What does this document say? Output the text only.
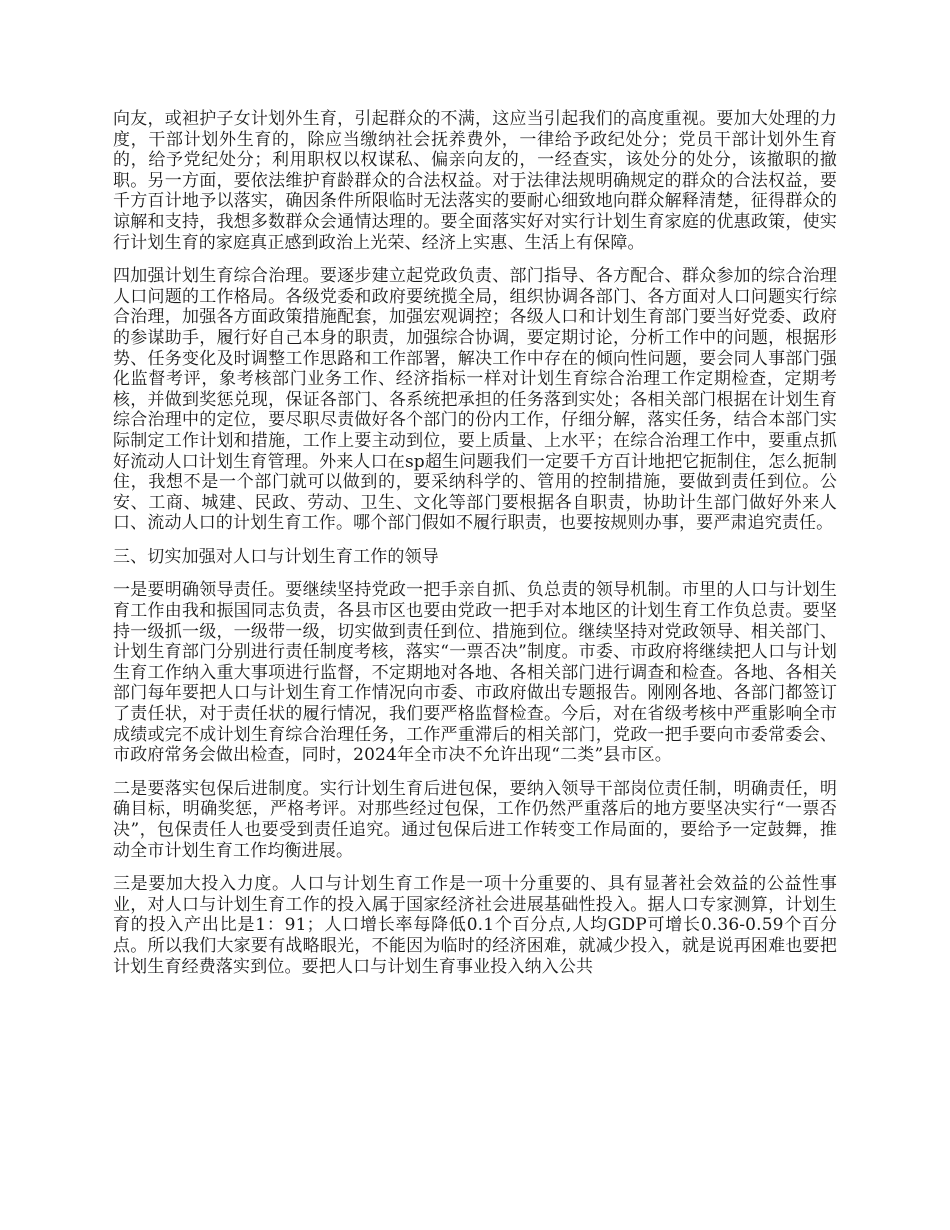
向友，或袒护子女计划外生育，引起群众的不满，这应当引起我们的高度重视。要加大处理的力度，干部计划外生育的，除应当缴纳社会抚养费外，一律给予政纪处分；党员干部计划外生育的，给予党纪处分；利用职权以权谋私、偏亲向友的，一经查实，该处分的处分，该撤职的撤职。另一方面，要依法维护育龄群众的合法权益。对于法律法规明确规定的群众的合法权益，要千方百计地予以落实，确因条件所限临时无法落实的要耐心细致地向群众解释清楚，征得群众的谅解和支持，我想多数群众会通情达理的。要全面落实好对实行计划生育家庭的优惠政策，使实行计划生育的家庭真正感到政治上光荣、经济上实惠、生活上有保障。

四加强计划生育综合治理。要逐步建立起党政负责、部门指导、各方配合、群众参加的综合治理人口问题的工作格局。各级党委和政府要统揽全局，组织协调各部门、各方面对人口问题实行综合治理，加强各方面政策措施配套，加强宏观调控；各级人口和计划生育部门要当好党委、政府的参谋助手，履行好自己本身的职责，加强综合协调，要定期讨论，分析工作中的问题，根据形势、任务变化及时调整工作思路和工作部署，解决工作中存在的倾向性问题，要会同人事部门强化监督考评，象考核部门业务工作、经济指标一样对计划生育综合治理工作定期检查，定期考核，并做到奖惩兑现，保证各部门、各系统把承担的任务落到实处；各相关部门根据在计划生育综合治理中的定位，要尽职尽责做好各个部门的份内工作，仔细分解，落实任务，结合本部门实际制定工作计划和措施，工作上要主动到位，要上质量、上水平；在综合治理工作中，要重点抓好流动人口计划生育管理。外来人口在sp超生问题我们一定要千方百计地把它扼制住，怎么扼制住，我想不是一个部门就可以做到的，要采纳科学的、管用的控制措施，要做到责任到位。公安、工商、城建、民政、劳动、卫生、文化等部门要根据各自职责，协助计生部门做好外来人口、流动人口的计划生育工作。哪个部门假如不履行职责，也要按规则办事，要严肃追究责任。

三、切实加强对人口与计划生育工作的领导

一是要明确领导责任。要继续坚持党政一把手亲自抓、负总责的领导机制。市里的人口与计划生育工作由我和振国同志负责，各县市区也要由党政一把手对本地区的计划生育工作负总责。要坚持一级抓一级，一级带一级，切实做到责任到位、措施到位。继续坚持对党政领导、相关部门、计划生育部门分别进行责任制度考核，落实“一票否决”制度。市委、市政府将继续把人口与计划生育工作纳入重大事项进行监督，不定期地对各地、各相关部门进行调查和检查。各地、各相关部门每年要把人口与计划生育工作情况向市委、市政府做出专题报告。刚刚各地、各部门都签订了责任状，对于责任状的履行情况，我们要严格监督检查。今后，对在省级考核中严重影响全市成绩或完不成计划生育综合治理任务，工作严重滞后的相关部门，党政一把手要向市委常委会、市政府常务会做出检查，同时，2024年全市决不允许出现“二类”县市区。

二是要落实包保后进制度。实行计划生育后进包保，要纳入领导干部岗位责任制，明确责任，明确目标，明确奖惩，严格考评。对那些经过包保，工作仍然严重落后的地方要坚决实行“一票否决”，包保责任人也要受到责任追究。通过包保后进工作转变工作局面的，要给予一定鼓舞，推动全市计划生育工作均衡进展。

三是要加大投入力度。人口与计划生育工作是一项十分重要的、具有显著社会效益的公益性事业，对人口与计划生育工作的投入属于国家经济社会进展基础性投入。据人口专家测算，计划生育的投入产出比是1：91；人口增长率每降低0.1个百分点,人均GDP可增长0.36-0.59个百分点。所以我们大家要有战略眼光，不能因为临时的经济困难，就减少投入，就是说再困难也要把计划生育经费落实到位。要把人口与计划生育事业投入纳入公共
